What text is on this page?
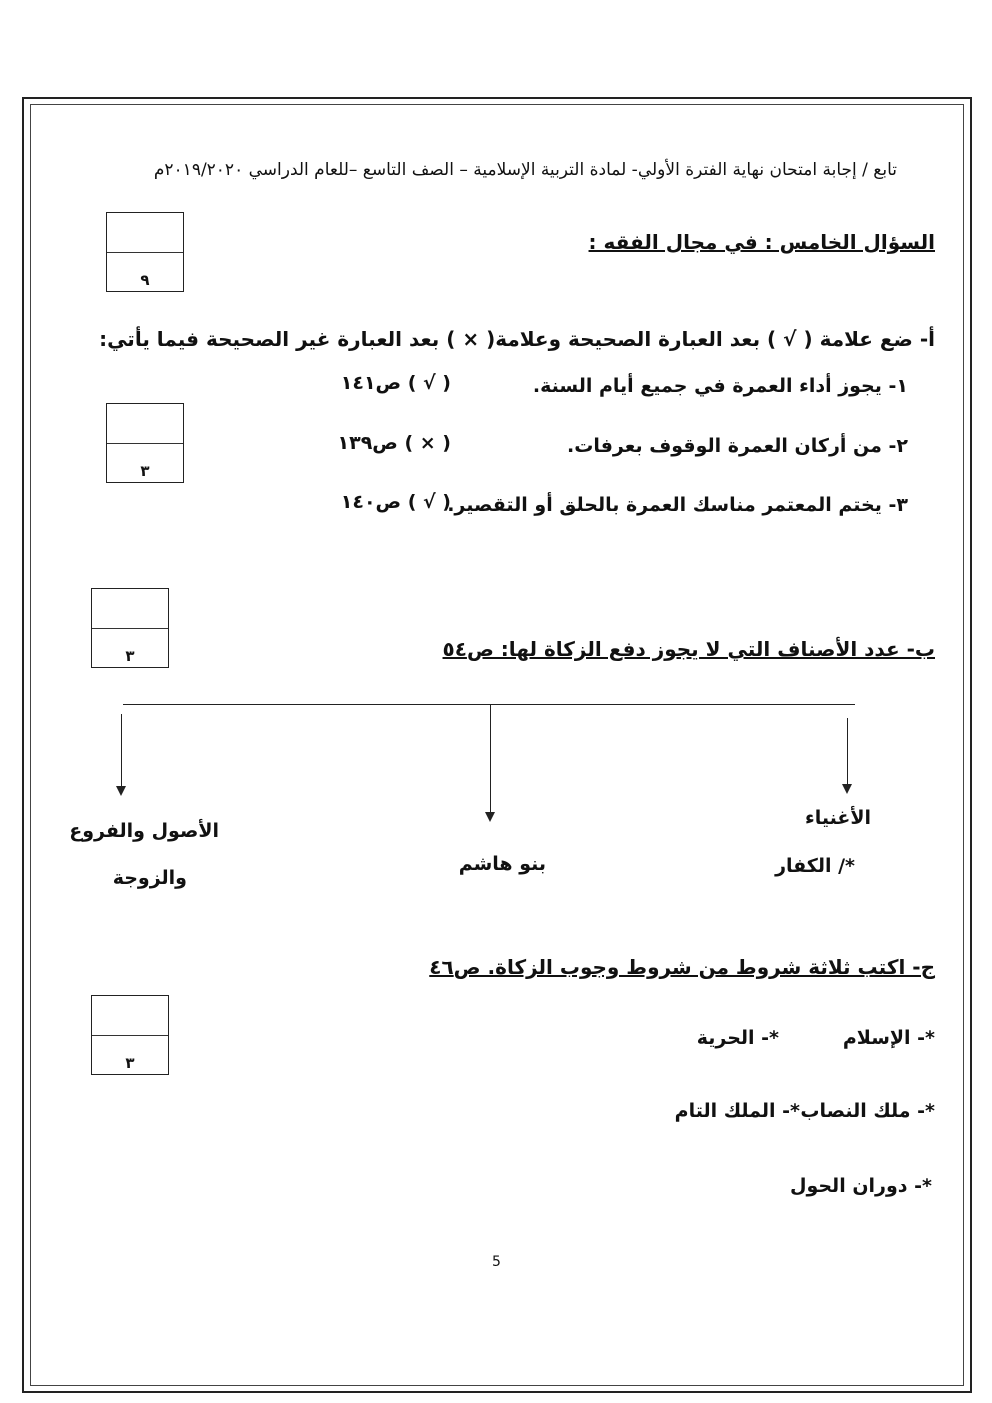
تابع / إجابة امتحان نهاية الفترة الأولي- لمادة التربية الإسلامية – الصف التاسع –للعام الدراسي ٢٠١٩/٢٠٢٠م
السؤال الخامس : في مجال الفقه :
٩
أ- ضع علامة ( √ ) بعد العبارة الصحيحة وعلامة( × ) بعد العبارة غير الصحيحة فيما يأتي:
١- يجوز أداء العمرة في جميع أيام السنة.
( √ ) ص١٤١
٣
٢- من أركان العمرة الوقوف بعرفات.
( × ) ص١٣٩
٣- يختم المعتمر مناسك العمرة بالحلق أو التقصير.
( √ ) ص١٤٠
٣	ب- عدد الأصناف التي لا يجوز دفع الزكاة لها: ص٥٤
الأغنياء
*/ الكفار
بنو هاشم
الأصول والفروع
والزوجة
ج- اكتب ثلاثة شروط من شروط وجوب الزكاة. ص٤٦
٣
*- الإسلام
*- الحرية
*- ملك النصاب
*- الملك التام
*- دوران الحول
5
